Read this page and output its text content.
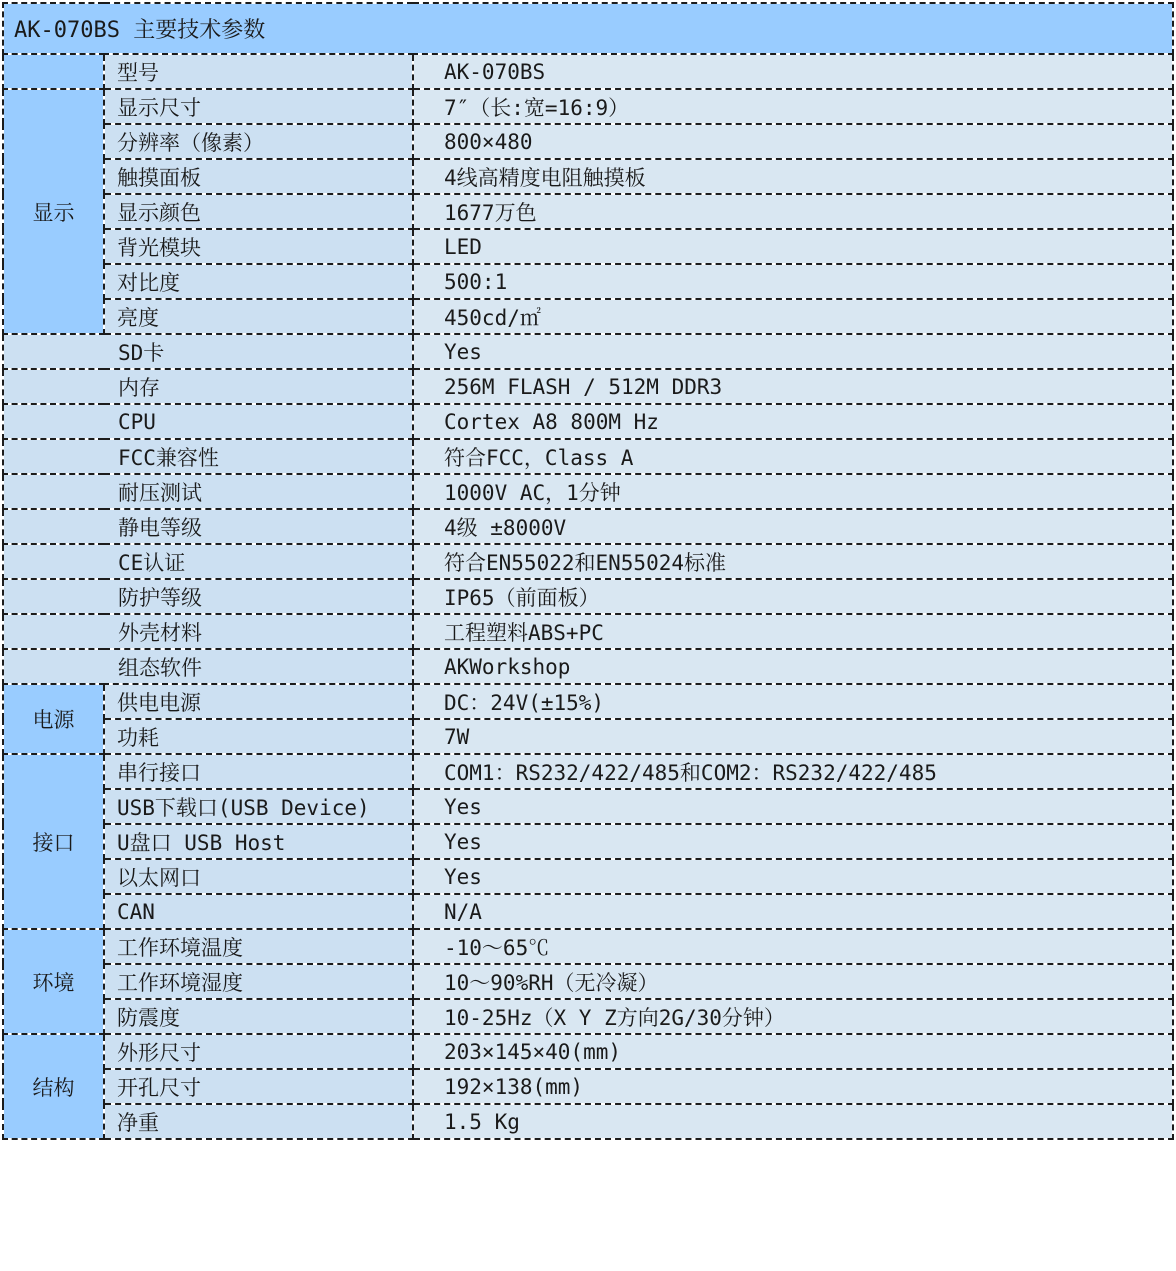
AK-070BS 主要技术参数		
	型号	AK-070BS
显示	显示尺寸	7″（长:宽=16:9）
	分辨率（像素）	800×480
	触摸面板	4线高精度电阻触摸板
	显示颜色	1677万色
	背光模块	LED
	对比度	500:1
	亮度	450cd/㎡
SD卡		Yes
内存		256M FLASH / 512M DDR3
CPU		Cortex A8 800M Hz
FCC兼容性		符合FCC，Class A
耐压测试		1000V AC，1分钟
静电等级		4级 ±8000V
CE认证		符合EN55022和EN55024标准
防护等级		IP65（前面板）
外壳材料		工程塑料ABS+PC
组态软件		AKWorkshop
电源	供电电源	DC：24V(±15%)
	功耗	7W
接口	串行接口	COM1：RS232/422/485和COM2：RS232/422/485
	USB下载口(USB Device)	Yes
	U盘口 USB Host	Yes
	以太网口	Yes
	CAN	N/A
环境	工作环境温度	-10～65℃
	工作环境湿度	10～90%RH（无冷凝）
	防震度	10-25Hz（X Y Z方向2G/30分钟）
结构	外形尺寸	203×145×40(mm)
	开孔尺寸	192×138(mm)
	净重	1.5 Kg
